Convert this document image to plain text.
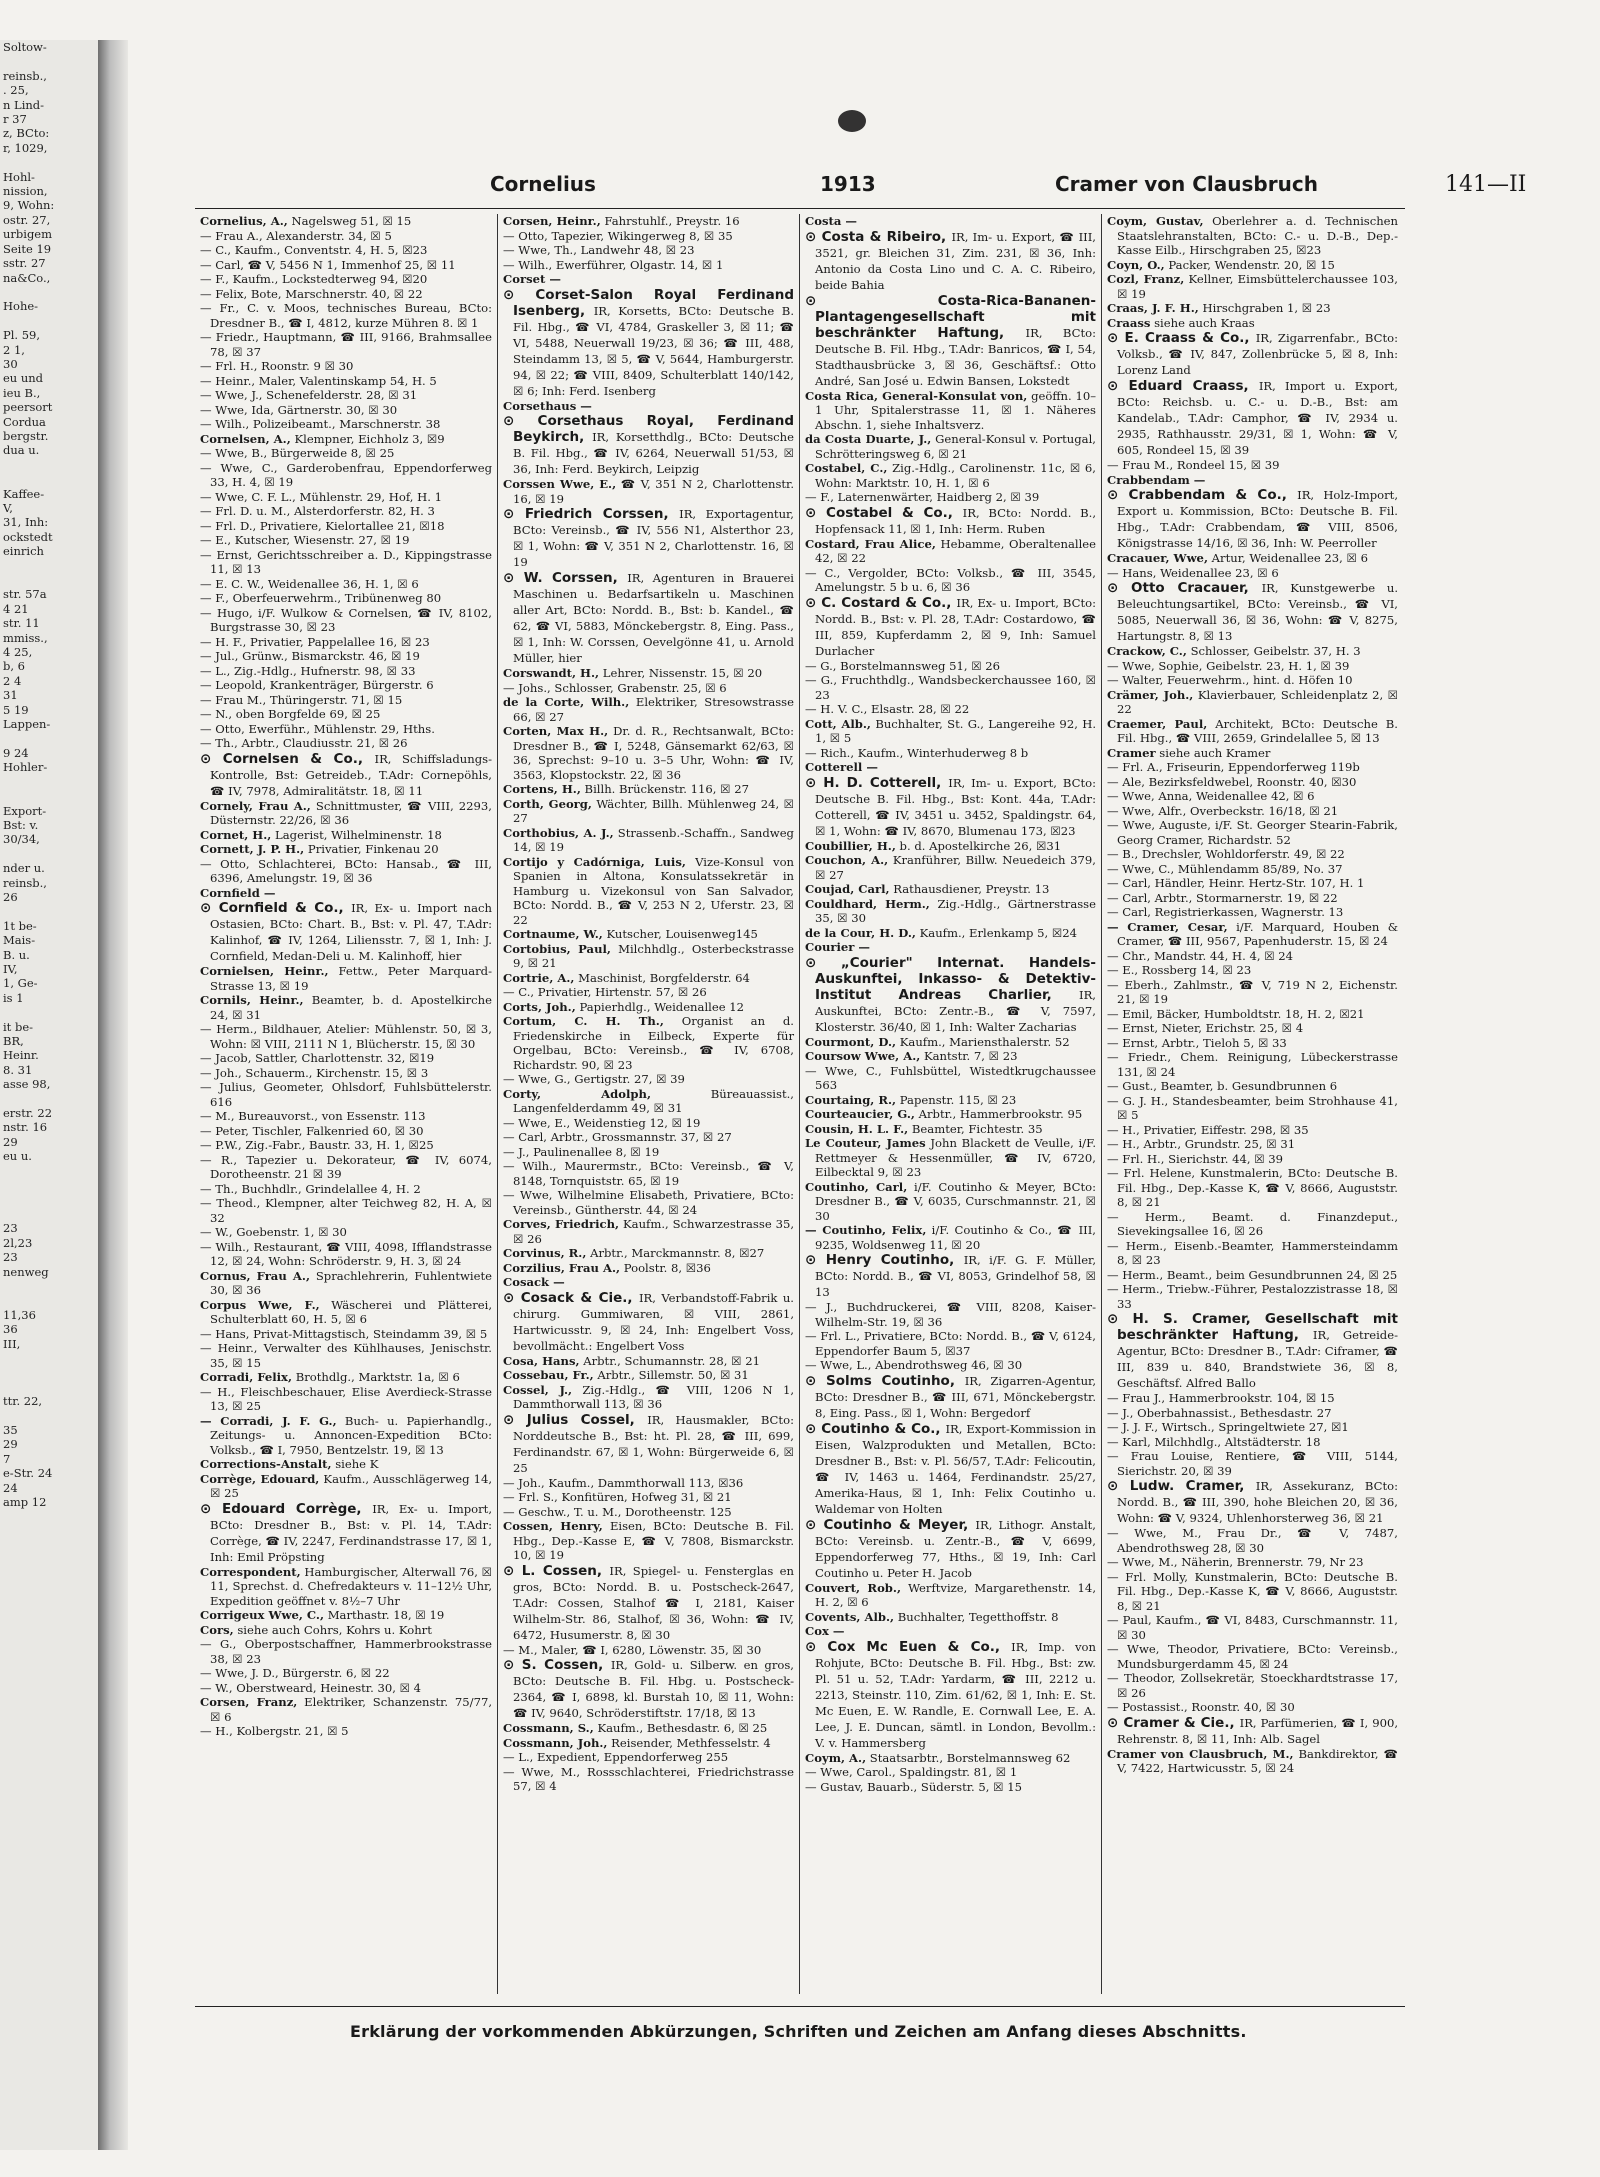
Soltow-

reinsb.,

. 25,

n Lind-

r 37

z, BCto:

r, 1029,

Hohl-

nission,

9, Wohn:

ostr. 27,

urbigem

Seite 19

sstr. 27

na&Co.,

Hohe-

Pl. 59,

2 1,

30

eu und

ieu B.,

peersort

Cordua

bergstr.

dua u.

Kaffee-

V,

31, Inh:

ockstedt

einrich

str. 57a

4 21

str. 11

mmiss.,

4 25,

b, 6

2 4

31

5 19

Lappen-

9 24

Hohler-

Export-

Bst: v.

30/34,

nder u.

reinsb.,

26

1t be-

Mais-

B. u.

IV,

1, Ge-

is 1

it be-

BR,

Heinr.

8. 31

asse 98,

erstr. 22

nstr. 16

29

eu u.

23

2l,23

23

nenweg

11,36

36

III,

ttr. 22,

35

29

7

e-Str. 24

24

amp 12

Cornelius	1913	Cramer von Clausbruch	141—II

Cornelius, A., Nagelsweg 51, ☒ 15

— Frau A., Alexanderstr. 34, ☒ 5

— C., Kaufm., Conventstr. 4, H. 5, ☒23

— Carl, ☎ V, 5456 N 1, Immenhof 25, ☒ 11

— F., Kaufm., Lockstedterweg 94, ☒20

— Felix, Bote, Marschnerstr. 40, ☒ 22

— Fr., C. v. Moos, technisches Bureau, BCto: Dresdner B., ☎ I, 4812, kurze Mühren 8. ☒ 1

— Friedr., Hauptmann, ☎ III, 9166, Brahmsallee 78, ☒ 37

— Frl. H., Roonstr. 9 ☒ 30

— Heinr., Maler, Valentinskamp 54, H. 5

— Wwe, J., Schenefelderstr. 28, ☒ 31

— Wwe, Ida, Gärtnerstr. 30, ☒ 30

— Wilh., Polizeibeamt., Marschnerstr. 38

Cornelsen, A., Klempner, Eichholz 3, ☒9

— Wwe, B., Bürgerweide 8, ☒ 25

— Wwe, C., Garderobenfrau, Eppendorferweg 33, H. 4, ☒ 19

— Wwe, C. F. L., Mühlenstr. 29, Hof, H. 1

— Frl. D. u. M., Alsterdorferstr. 82, H. 3

— Frl. D., Privatiere, Kielortallee 21, ☒18

— E., Kutscher, Wiesenstr. 27, ☒ 19

— Ernst, Gerichtsschreiber a. D., Kippingstrasse 11, ☒ 13

— E. C. W., Weidenallee 36, H. 1, ☒ 6

— F., Oberfeuerwehrm., Tribünenweg 80

— Hugo, i/F. Wulkow & Cornelsen, ☎ IV, 8102, Burgstrasse 30, ☒ 23

— H. F., Privatier, Pappelallee 16, ☒ 23

— Jul., Grünw., Bismarckstr. 46, ☒ 19

— L., Zig.-Hdlg., Hufnerstr. 98, ☒ 33

— Leopold, Krankenträger, Bürgerstr. 6

— Frau M., Thüringerstr. 71, ☒ 15

— N., oben Borgfelde 69, ☒ 25

— Otto, Ewerführ., Mühlenstr. 29, Hths.

— Th., Arbtr., Claudiusstr. 21, ☒ 26

⊙ Cornelsen & Co., IR, Schiffsladungs-Kontrolle, Bst: Getreideb., T.Adr: Cornepöhls, ☎ IV, 7978, Admiralitätstr. 18, ☒ 11

Cornely, Frau A., Schnittmuster, ☎ VIII, 2293, Düsternstr. 22/26, ☒ 36

Cornet, H., Lagerist, Wilhelminenstr. 18

Cornett, J. P. H., Privatier, Finkenau 20

— Otto, Schlachterei, BCto: Hansab., ☎ III, 6396, Amelungstr. 19, ☒ 36

Cornfield —

⊙ Cornfield & Co., IR, Ex- u. Import nach Ostasien, BCto: Chart. B., Bst: v. Pl. 47, T.Adr: Kalinhof, ☎ IV, 1264, Liliensstr. 7, ☒ 1, Inh: J. Cornfield, Medan-Deli u. M. Kalinhoff, hier

Cornielsen, Heinr., Fettw., Peter Marquard-Strasse 13, ☒ 19

Cornils, Heinr., Beamter, b. d. Apostelkirche 24, ☒ 31

— Herm., Bildhauer, Atelier: Mühlenstr. 50, ☒ 3, Wohn: ☒ VIII, 2111 N 1, Blücherstr. 15, ☒ 30

— Jacob, Sattler, Charlottenstr. 32, ☒19

— Joh., Schauerm., Kirchenstr. 15, ☒ 3

— Julius, Geometer, Ohlsdorf, Fuhlsbüttelerstr. 616

— M., Bureauvorst., von Essenstr. 113

— Peter, Tischler, Falkenried 60, ☒ 30

— P.W., Zig.-Fabr., Baustr. 33, H. 1, ☒25

— R., Tapezier u. Dekorateur, ☎ IV, 6074, Dorotheenstr. 21 ☒ 39

— Th., Buchhdlr., Grindelallee 4, H. 2

— Theod., Klempner, alter Teichweg 82, H. A, ☒ 32

— W., Goebenstr. 1, ☒ 30

— Wilh., Restaurant, ☎ VIII, 4098, Ifflandstrasse 12, ☒ 24, Wohn: Schröderstr. 9, H. 3, ☒ 24

Cornus, Frau A., Sprachlehrerin, Fuhlentwiete 30, ☒ 36

Corpus Wwe, F., Wäscherei und Plätterei, Schulterblatt 60, H. 5, ☒ 6

— Hans, Privat-Mittagstisch, Steindamm 39, ☒ 5

— Heinr., Verwalter des Kühlhauses, Jenischstr. 35, ☒ 15

Corradi, Felix, Brothdlg., Marktstr. 1a, ☒ 6

— H., Fleischbeschauer, Elise Averdieck-Strasse 13, ☒ 25

— Corradi, J. F. G., Buch- u. Papierhandlg., Zeitungs- u. Annoncen-Expedition BCto: Volksb., ☎ I, 7950, Bentzelstr. 19, ☒ 13

Corrections-Anstalt, siehe K

Corrège, Edouard, Kaufm., Ausschlägerweg 14, ☒ 25

⊙ Edouard Corrège, IR, Ex- u. Import, BCto: Dresdner B., Bst: v. Pl. 14, T.Adr: Corrège, ☎ IV, 2247, Ferdinandstrasse 17, ☒ 1, Inh: Emil Pröpsting

Correspondent, Hamburgischer, Alterwall 76, ☒ 11, Sprechst. d. Chefredakteurs v. 11–12½ Uhr, Expedition geöffnet v. 8½–7 Uhr

Corrigeux Wwe, C., Marthastr. 18, ☒ 19

Cors, siehe auch Cohrs, Kohrs u. Kohrt

— G., Oberpostschaffner, Hammerbrookstrasse 38, ☒ 23

— Wwe, J. D., Bürgerstr. 6, ☒ 22

— W., Oberstweard, Heinestr. 30, ☒ 4

Corsen, Franz, Elektriker, Schanzenstr. 75/77, ☒ 6

— H., Kolbergstr. 21, ☒ 5

Corsen, Heinr., Fahrstuhlf., Preystr. 16

— Otto, Tapezier, Wikingerweg 8, ☒ 35

— Wwe, Th., Landwehr 48, ☒ 23

— Wilh., Ewerführer, Olgastr. 14, ☒ 1

Corset —

⊙ Corset-Salon Royal Ferdinand Isenberg, IR, Korsetts, BCto: Deutsche B. Fil. Hbg., ☎ VI, 4784, Graskeller 3, ☒ 11; ☎ VI, 5488, Neuerwall 19/23, ☒ 36; ☎ III, 488, Steindamm 13, ☒ 5, ☎ V, 5644, Hamburgerstr. 94, ☒ 22; ☎ VIII, 8409, Schulterblatt 140/142, ☒ 6; Inh: Ferd. Isenberg

Corsethaus —

⊙ Corsethaus Royal, Ferdinand Beykirch, IR, Korsetthdlg., BCto: Deutsche B. Fil. Hbg., ☎ IV, 6264, Neuerwall 51/53, ☒ 36, Inh: Ferd. Beykirch, Leipzig

Corssen Wwe, E., ☎ V, 351 N 2, Charlottenstr. 16, ☒ 19

⊙ Friedrich Corssen, IR, Exportagentur, BCto: Vereinsb., ☎ IV, 556 N1, Alsterthor 23, ☒ 1, Wohn: ☎ V, 351 N 2, Charlottenstr. 16, ☒ 19

⊙ W. Corssen, IR, Agenturen in Brauerei Maschinen u. Bedarfsartikeln u. Maschinen aller Art, BCto: Nordd. B., Bst: b. Kandel., ☎ 62, ☎ VI, 5883, Mönckebergstr. 8, Eing. Pass., ☒ 1, Inh: W. Corssen, Oevelgönne 41, u. Arnold Müller, hier

Corswandt, H., Lehrer, Nissenstr. 15, ☒ 20

— Johs., Schlosser, Grabenstr. 25, ☒ 6

de la Corte, Wilh., Elektriker, Stresowstrasse 66, ☒ 27

Corten, Max H., Dr. d. R., Rechtsanwalt, BCto: Dresdner B., ☎ I, 5248, Gänsemarkt 62/63, ☒ 36, Sprechst: 9–10 u. 3–5 Uhr, Wohn: ☎ IV, 3563, Klopstockstr. 22, ☒ 36

Cortens, H., Billh. Brückenstr. 116, ☒ 27

Corth, Georg, Wächter, Billh. Mühlenweg 24, ☒ 27

Corthobius, A. J., Strassenb.-Schaffn., Sandweg 14, ☒ 19

Cortijo y Cadórniga, Luis, Vize-Konsul von Spanien in Altona, Konsulatssekretär in Hamburg u. Vizekonsul von San Salvador, BCto: Nordd. B., ☎ V, 253 N 2, Uferstr. 23, ☒ 22

Cortnaume, W., Kutscher, Louisenweg145

Cortobius, Paul, Milchhdlg., Osterbeckstrasse 9, ☒ 21

Cortrie, A., Maschinist, Borgfelderstr. 64

— C., Privatier, Hirtenstr. 57, ☒ 26

Corts, Joh., Papierhdlg., Weidenallee 12

Cortum, C. H. Th., Organist an d. Friedenskirche in Eilbeck, Experte für Orgelbau, BCto: Vereinsb., ☎ IV, 6708, Richardstr. 90, ☒ 23

— Wwe, G., Gertigstr. 27, ☒ 39

Corty, Adolph,	Büreauassist., Langenfelderdamm 49, ☒ 31

— Wwe, E., Weidenstieg 12, ☒ 19

— Carl, Arbtr., Grossmannstr. 37, ☒ 27

— J., Paulinenallee 8, ☒ 19

— Wilh., Maurermstr., BCto: Vereinsb., ☎ V, 8148, Tornquiststr. 65, ☒ 19

— Wwe, Wilhelmine Elisabeth, Privatiere, BCto: Vereinsb., Güntherstr. 44, ☒ 24

Corves, Friedrich, Kaufm., Schwarzestrasse 35, ☒ 26

Corvinus, R., Arbtr., Marckmannstr. 8, ☒27

Corzilius, Frau A., Poolstr. 8, ☒36

Cosack —

⊙ Cosack & Cie., IR, Verbandstoff-Fabrik u. chirurg. Gummiwaren, ☒ VIII, 2861, Hartwicusstr. 9, ☒ 24, Inh: Engelbert Voss, bevollmächt.: Engelbert Voss

Cosa, Hans, Arbtr., Schumannstr. 28, ☒ 21

Cossebau, Fr., Arbtr., Sillemstr. 50, ☒ 31

Cossel, J., Zig.-Hdlg., ☎ VIII, 1206 N 1, Dammthorwall 113, ☒ 36

⊙ Julius Cossel, IR, Hausmakler, BCto: Norddeutsche B., Bst: ht. Pl. 28, ☎ III, 699, Ferdinandstr. 67, ☒ 1, Wohn: Bürgerweide 6, ☒ 25

— Joh., Kaufm., Dammthorwall 113, ☒36

— Frl. S., Konfitüren, Hofweg 31, ☒ 21

— Geschw., T. u. M., Dorotheenstr. 125

Cossen, Henry, Eisen, BCto: Deutsche B. Fil. Hbg., Dep.-Kasse E, ☎ V, 7808, Bismarckstr. 10, ☒ 19

⊙ L. Cossen, IR, Spiegel- u. Fensterglas en gros, BCto: Nordd. B. u. Postscheck-2647, T.Adr: Cossen, Stalhof ☎ I, 2181, Kaiser Wilhelm-Str. 86, Stalhof, ☒ 36, Wohn: ☎ IV, 6472, Husumerstr. 8, ☒ 30

— M., Maler, ☎ I, 6280, Löwenstr. 35, ☒ 30

⊙ S. Cossen, IR, Gold- u. Silberw. en gros, BCto: Deutsche B. Fil. Hbg. u. Postscheck-2364, ☎ I, 6898, kl. Burstah 10, ☒ 11, Wohn: ☎ IV, 9640, Schröderstiftstr. 17/18, ☒ 13

Cossmann, S., Kaufm., Bethesdastr. 6, ☒ 25

Cossmann, Joh., Reisender, Methfesselstr. 4

— L., Expedient, Eppendorferweg 255

— Wwe, M., Rossschlachterei, Friedrichstrasse 57, ☒ 4

Costa —

⊙ Costa & Ribeiro, IR, Im- u. Export, ☎ III, 3521, gr. Bleichen 31, Zim. 231, ☒ 36, Inh: Antonio da Costa Lino und C. A. C. Ribeiro, beide Bahia

⊙ Costa-Rica-Bananen-Plantagengesellschaft mit beschränkter Haftung, IR, BCto: Deutsche B. Fil. Hbg., T.Adr: Banricos, ☎ I, 54, Stadthausbrücke 3, ☒ 36, Geschäftsf.: Otto André, San José u. Edwin Bansen, Lokstedt

Costa Rica, General-Konsulat von, geöffn. 10–1 Uhr, Spitalerstrasse 11, ☒ 1. Näheres Abschn. 1, siehe Inhaltsverz.

da Costa Duarte, J., General-Konsul v. Portugal, Schrötteringsweg 6, ☒ 21

Costabel, C., Zig.-Hdlg., Carolinenstr. 11c, ☒ 6, Wohn: Marktstr. 10, H. 1, ☒ 6

— F., Laternenwärter, Haidberg 2, ☒ 39

⊙ Costabel & Co., IR, BCto: Nordd. B., Hopfensack 11, ☒ 1, Inh: Herm. Ruben

Costard, Frau Alice, Hebamme, Oberaltenallee 42, ☒ 22

— C., Vergolder, BCto: Volksb., ☎ III, 3545, Amelungstr. 5 b u. 6, ☒ 36

⊙ C. Costard & Co., IR, Ex- u. Import, BCto: Nordd. B., Bst: v. Pl. 28, T.Adr: Costardowo, ☎ III, 859, Kupferdamm 2, ☒ 9, Inh: Samuel Durlacher

— G., Borstelmannsweg 51, ☒ 26

— G., Fruchthdlg., Wandsbeckerchaussee 160, ☒ 23

— H. V. C., Elsastr. 28, ☒ 22

Cott, Alb., Buchhalter, St. G., Langereihe 92, H. 1, ☒ 5

— Rich., Kaufm., Winterhuderweg 8 b

Cotterell —

⊙ H. D. Cotterell, IR, Im- u. Export, BCto: Deutsche B. Fil. Hbg., Bst: Kont. 44a, T.Adr: Cotterell, ☎ IV, 3451 u. 3452, Spaldingstr. 64, ☒ 1, Wohn: ☎ IV, 8670, Blumenau 173, ☒23

Coubillier, H., b. d. Apostelkirche 26, ☒31

Couchon, A., Kranführer, Billw. Neuedeich 379, ☒ 27

Coujad, Carl, Rathausdiener, Preystr. 13

Couldhard, Herm., Zig.-Hdlg., Gärtnerstrasse 35, ☒ 30

de la Cour, H. D., Kaufm., Erlenkamp 5, ☒24

Courier —

⊙ „Courier" Internat. Handels-Auskunftei, Inkasso- & Detektiv-Institut Andreas Charlier, IR, Auskunftei, BCto: Zentr.-B., ☎ V, 7597, Klosterstr. 36/40, ☒ 1, Inh: Walter Zacharias

Courmont, D., Kaufm., Mariensthalerstr. 52

Coursow Wwe, A., Kantstr. 7, ☒ 23

— Wwe, C., Fuhlsbüttel, Wistedtkrugchaussee 563

Courtaing, R., Papenstr. 115, ☒ 23

Courteaucier, G., Arbtr., Hammerbrookstr. 95

Cousin, H. L. F., Beamter, Fichtestr. 35

Le Couteur, James John Blackett de Veulle, i/F. Rettmeyer & Hessenmüller, ☎ IV, 6720, Eilbecktal 9, ☒ 23

Coutinho, Carl, i/F. Coutinho & Meyer, BCto: Dresdner B., ☎ V, 6035, Curschmannstr. 21, ☒ 30

— Coutinho, Felix, i/F. Coutinho & Co., ☎ III, 9235, Woldsenweg 11, ☒ 20

⊙ Henry Coutinho, IR, i/F. G. F. Müller, BCto: Nordd. B., ☎ VI, 8053, Grindelhof 58, ☒ 13

— J., Buchdruckerei, ☎ VIII, 8208, Kaiser-Wilhelm-Str. 19, ☒ 36

— Frl. L., Privatiere, BCto: Nordd. B., ☎ V, 6124, Eppendorfer Baum 5, ☒37

— Wwe, L., Abendrothsweg 46, ☒ 30

⊙ Solms Coutinho, IR, Zigarren-Agentur, BCto: Dresdner B., ☎ III, 671, Mönckebergstr. 8, Eing. Pass., ☒ 1, Wohn: Bergedorf

⊙ Coutinho & Co., IR, Export-Kommission in Eisen, Walzprodukten und Metallen, BCto: Dresdner B., Bst: v. Pl. 56/57, T.Adr: Felicoutin, ☎ IV, 1463 u. 1464, Ferdinandstr. 25/27, Amerika-Haus, ☒ 1, Inh: Felix Coutinho u. Waldemar von Holten

⊙ Coutinho & Meyer, IR, Lithogr. Anstalt, BCto: Vereinsb. u. Zentr.-B., ☎ V, 6699, Eppendorferweg 77, Hths., ☒ 19, Inh: Carl Coutinho u. Peter H. Jacob

Couvert, Rob., Werftvize, Margarethenstr. 14, H. 2, ☒ 6

Covents, Alb., Buchhalter, Tegetthoffstr. 8

Cox —

⊙ Cox Mc Euen & Co., IR, Imp. von Rohjute, BCto: Deutsche B. Fil. Hbg., Bst: zw. Pl. 51 u. 52, T.Adr: Yardarm, ☎ III, 2212 u. 2213, Steinstr. 110, Zim. 61/62, ☒ 1, Inh: E. St. Mc Euen, E. W. Randle, E. Cornwall Lee, E. A. Lee, J. E. Duncan, sämtl. in London, Bevollm.: V. v. Hammersberg

Coym, A., Staatsarbtr., Borstelmannsweg 62

— Wwe, Carol., Spaldingstr. 81, ☒ 1

— Gustav, Bauarb., Süderstr. 5, ☒ 15

Coym, Gustav, Oberlehrer a. d. Technischen Staatslehranstalten, BCto: C.- u. D.-B., Dep.-Kasse Eilb., Hirschgraben 25, ☒23

Coyn, O., Packer, Wendenstr. 20, ☒ 15

Cozl, Franz, Kellner, Eimsbüttelerchaussee 103, ☒ 19

Craas, J. F. H., Hirschgraben 1, ☒ 23

Craass siehe auch Kraas

⊙ E. Craass & Co., IR, Zigarrenfabr., BCto: Volksb., ☎ IV, 847, Zollenbrücke 5, ☒ 8, Inh: Lorenz Land

⊙ Eduard Craass, IR, Import u. Export, BCto: Reichsb. u. C.- u. D.-B., Bst: am Kandelab., T.Adr: Camphor, ☎ IV, 2934 u. 2935, Rathhausstr. 29/31, ☒ 1, Wohn: ☎ V, 605, Rondeel 15, ☒ 39

— Frau M., Rondeel 15, ☒ 39

Crabbendam —

⊙ Crabbendam & Co., IR, Holz-Import, Export u. Kommission, BCto: Deutsche B. Fil. Hbg., T.Adr: Crabbendam, ☎ VIII, 8506, Königstrasse 14/16, ☒ 36, Inh: W. Peerroller

Cracauer, Wwe, Artur, Weidenallee 23, ☒ 6

— Hans, Weidenallee 23, ☒ 6

⊙ Otto Cracauer, IR, Kunstgewerbe u. Beleuchtungsartikel, BCto: Vereinsb., ☎ VI, 5085, Neuerwall 36, ☒ 36, Wohn: ☎ V, 8275, Hartungstr. 8, ☒ 13

Crackow, C., Schlosser, Geibelstr. 37, H. 3

— Wwe, Sophie, Geibelstr. 23, H. 1, ☒ 39

— Walter, Feuerwehrm., hint. d. Höfen 10

Crämer, Joh., Klavierbauer, Schleidenplatz 2, ☒ 22

Craemer, Paul, Architekt, BCto: Deutsche B. Fil. Hbg., ☎ VIII, 2659, Grindelallee 5, ☒ 13

Cramer siehe auch Kramer

— Frl. A., Friseurin, Eppendorferweg 119b

— Ale, Bezirksfeldwebel, Roonstr. 40, ☒30

— Wwe, Anna, Weidenallee 42, ☒ 6

— Wwe, Alfr., Overbeckstr. 16/18, ☒ 21

— Wwe, Auguste, i/F. St. Georger Stearin-Fabrik, Georg Cramer, Richardstr. 52

— B., Drechsler, Wohldorferstr. 49, ☒ 22

— Wwe, C., Mühlendamm 85/89, No. 37

— Carl, Händler, Heinr. Hertz-Str. 107, H. 1

— Carl, Arbtr., Stormarnerstr. 19, ☒ 22

— Carl, Registrierkassen, Wagnerstr. 13

— Cramer, Cesar, i/F. Marquard, Houben & Cramer, ☎ III, 9567, Papenhuderstr. 15, ☒ 24

— Chr., Mandstr. 44, H. 4, ☒ 24

— E., Rossberg 14, ☒ 23

— Eberh., Zahlmstr., ☎ V, 719 N 2, Eichenstr. 21, ☒ 19

— Emil, Bäcker, Humboldtstr. 18, H. 2, ☒21

— Ernst, Nieter, Erichstr. 25, ☒ 4

— Ernst, Arbtr., Tieloh 5, ☒ 33

— Friedr., Chem. Reinigung, Lübeckerstrasse 131, ☒ 24

— Gust., Beamter, b. Gesundbrunnen 6

— G. J. H., Standesbeamter, beim Strohhause 41, ☒ 5

— H., Privatier, Eiffestr. 298, ☒ 35

— H., Arbtr., Grundstr. 25, ☒ 31

— Frl. H., Sierichstr. 44, ☒ 39

— Frl. Helene, Kunstmalerin, BCto: Deutsche B. Fil. Hbg., Dep.-Kasse K, ☎ V, 8666, Auguststr. 8, ☒ 21

— Herm., Beamt. d. Finanzdeput., Sievekingsallee 16, ☒ 26

— Herm., Eisenb.-Beamter, Hammersteindamm 8, ☒ 23

— Herm., Beamt., beim Gesundbrunnen 24, ☒ 25

— Herm., Triebw.-Führer, Pestalozzistrasse 18, ☒ 33

⊙ H. S. Cramer, Gesellschaft mit beschränkter Haftung, IR, Getreide-Agentur, BCto: Dresdner B., T.Adr: Ciframer, ☎ III, 839 u. 840, Brandstwiete 36, ☒ 8, Geschäftsf. Alfred Ballo

— Frau J., Hammerbrookstr. 104, ☒ 15

— J., Oberbahnassist., Bethesdastr. 27

— J. J. F., Wirtsch., Springeltwiete 27, ☒1

— Karl, Milchhdlg., Altstädterstr. 18

— Frau Louise, Rentiere, ☎ VIII, 5144, Sierichstr. 20, ☒ 39

⊙ Ludw. Cramer, IR, Assekuranz, BCto: Nordd. B., ☎ III, 390, hohe Bleichen 20, ☒ 36, Wohn: ☎ V, 9324, Uhlenhorsterweg 36, ☒ 21

— Wwe, M., Frau Dr., ☎ V, 7487, Abendrothsweg 28, ☒ 30

— Wwe, M., Näherin, Brennerstr. 79, Nr 23

— Frl. Molly, Kunstmalerin, BCto: Deutsche B. Fil. Hbg., Dep.-Kasse K, ☎ V, 8666, Auguststr. 8, ☒ 21

— Paul, Kaufm., ☎ VI, 8483, Curschmannstr. 11, ☒ 30

— Wwe, Theodor, Privatiere, BCto: Vereinsb., Mundsburgerdamm 45, ☒ 24

— Theodor, Zollsekretär, Stoeckhardtstrasse 17, ☒ 26

— Postassist., Roonstr. 40, ☒ 30

⊙ Cramer & Cie., IR, Parfümerien, ☎ I, 900, Rehrenstr. 8, ☒ 11, Inh: Alb. Sagel

Cramer von Clausbruch, M., Bankdirektor, ☎ V, 7422, Hartwicusstr. 5, ☒ 24

Erklärung der vorkommenden Abkürzungen, Schriften und Zeichen am Anfang dieses Abschnitts.
